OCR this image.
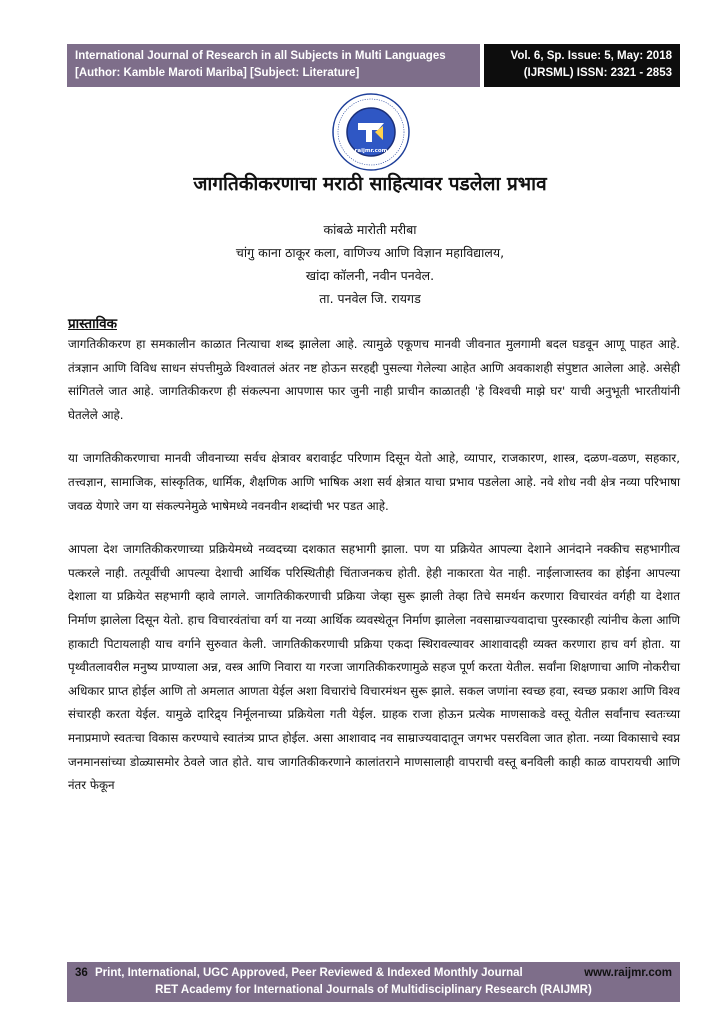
International Journal of Research in all Subjects in Multi Languages
[Author: Kamble Maroti Mariba] [Subject: Literature]
Vol. 6, Sp. Issue: 5, May: 2018
(IJRSML) ISSN: 2321 - 2853
raijmr.com
जागतिकीकरणाचा मराठी साहित्यावर पडलेला प्रभाव
कांबळे मारोती मरीबा
चांगु काना ठाकूर कला, वाणिज्य आणि विज्ञान महाविद्यालय,
खांदा कॉलनी, नवीन पनवेल.
ता. पनवेल जि. रायगड
प्रास्ताविक

जागतिकीकरण हा समकालीन काळात नित्याचा शब्द झालेला आहे. त्यामुळे एकूणच मानवी जीवनात मुलगामी बदल घडवून आणू पाहत आहे. तंत्रज्ञान आणि विविध साधन संपत्तीमुळे विश्वातलं अंतर नष्ट होऊन सरहद्दी पुसल्या गेलेल्या आहेत आणि अवकाशही संपुष्टात आलेला आहे. असेही सांगितले जात आहे. जागतिकीकरण ही संकल्पना आपणास फार जुनी नाही प्राचीन काळातही 'हे विश्वची माझे घर' याची अनुभूती भारतीयांनी घेतलेले आहे.

या जागतिकीकरणाचा मानवी जीवनाच्या सर्वच क्षेत्रावर बरावाईट परिणाम दिसून येतो आहे, व्यापार, राजकारण, शास्त्र, दळण-वळण, सहकार, तत्त्वज्ञान, सामाजिक, सांस्कृतिक, धार्मिक, शैक्षणिक आणि भाषिक अशा सर्व क्षेत्रात याचा प्रभाव पडलेला आहे. नवे शोध नवी क्षेत्र नव्या परिभाषा जवळ येणारे जग या संकल्पनेमुळे भाषेमध्ये नवनवीन शब्दांची भर पडत आहे.

आपला देश जागतिकीकरणाच्या प्रक्रियेमध्ये नव्वदच्या दशकात सहभागी झाला. पण या प्रक्रियेत आपल्या देशाने आनंदाने नक्कीच सहभागीत्व पत्करले नाही. तत्पूर्वीची आपल्या देशाची आर्थिक परिस्थितीही चिंताजनकच होती. हेही नाकारता येत नाही. नाईलाजास्तव का होईना आपल्या देशाला या प्रक्रियेत सहभागी व्हावे लागले. जागतिकीकरणाची प्रक्रिया जेव्हा सुरू झाली तेव्हा तिचे समर्थन करणारा विचारवंत वर्गही या देशात निर्माण झालेला दिसून येतो. हाच विचारवंतांचा वर्ग या नव्या आर्थिक व्यवस्थेतून निर्माण झालेला नवसाम्राज्यवादाचा पुरस्कारही त्यांनीच केला आणि हाकाटी पिटायलाही याच वर्गाने सुरुवात केली. जागतिकीकरणाची प्रक्रिया एकदा स्थिरावल्यावर आशावादही व्यक्त करणारा हाच वर्ग होता. या पृथ्वीतलावरील मनुष्य प्राण्याला अन्न, वस्त्र आणि निवारा या गरजा जागतिकीकरणामुळे सहज पूर्ण करता येतील. सर्वांना शिक्षणाचा आणि नोकरीचा अधिकार प्राप्त होईल आणि तो अमलात आणता येईल अशा विचारांचे विचारमंथन सुरू झाले. सकल जणांना स्वच्छ हवा, स्वच्छ प्रकाश आणि विश्व संचारही करता येईल. यामुळे दारिद्र्य निर्मूलनाच्या प्रक्रियेला गती येईल. ग्राहक राजा होऊन प्रत्येक माणसाकडे वस्तू येतील सर्वांनाच स्वतःच्या मनाप्रमाणे स्वतःचा विकास करण्याचे स्वातंत्र्य प्राप्त होईल. असा आशावाद नव साम्राज्यवादातून जगभर पसरविला जात होता. नव्या विकासाचे स्वप्न जनमानसांच्या डोळ्यासमोर ठेवले जात होते. याच जागतिकीकरणाने कालांतराने माणसालाही वापराची वस्तू बनविली काही काळ वापरायची आणि नंतर फेकून

36 Print, International, UGC Approved, Peer Reviewed & Indexed Monthly Journal	www.raijmr.com
RET Academy for International Journals of Multidisciplinary Research (RAIJMR)
